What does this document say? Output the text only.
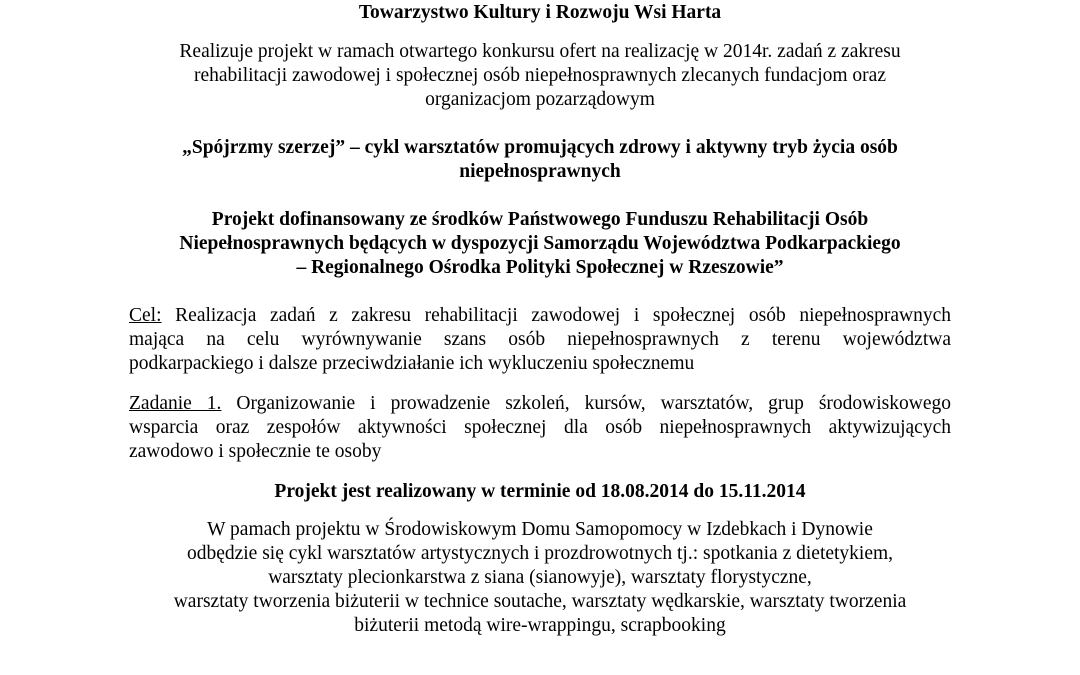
Towarzystwo Kultury i Rozwoju Wsi Harta

Realizuje projekt w ramach otwartego konkursu ofert na realizację w 2014r. zadań z zakresu
rehabilitacji zawodowej i społecznej osób niepełnosprawnych zlecanych fundacjom oraz
organizacjom pozarządowym

„Spójrzmy szerzej” – cykl warsztatów promujących zdrowy i aktywny tryb życia osób
niepełnosprawnych

Projekt dofinansowany ze środków Państwowego Funduszu Rehabilitacji Osób
Niepełnosprawnych będących w dyspozycji Samorządu Województwa Podkarpackiego
– Regionalnego Ośrodka Polityki Społecznej w Rzeszowie”

Cel: Realizacja zadań z zakresu rehabilitacji zawodowej i społecznej osób niepełnosprawnych
mająca na celu wyrównywanie szans osób niepełnosprawnych z terenu województwa
podkarpackiego i dalsze przeciwdziałanie ich wykluczeniu społecznemu
Zadanie 1. Organizowanie i prowadzenie szkoleń, kursów, warsztatów, grup środowiskowego
wsparcia oraz zespołów aktywności społecznej dla osób niepełnosprawnych aktywizujących
zawodowo i społecznie te osoby

Projekt jest realizowany w terminie od 18.08.2014 do 15.11.2014

W pamach projektu w Środowiskowym Domu Samopomocy w Izdebkach i Dynowie
odbędzie się cykl warsztatów artystycznych i prozdrowotnych tj.: spotkania z dietetykiem,
warsztaty plecionkarstwa z siana (sianowyje), warsztaty florystyczne,
warsztaty tworzenia biżuterii w technice soutache, warsztaty wędkarskie, warsztaty tworzenia
biżuterii metodą wire-wrappingu, scrapbooking
